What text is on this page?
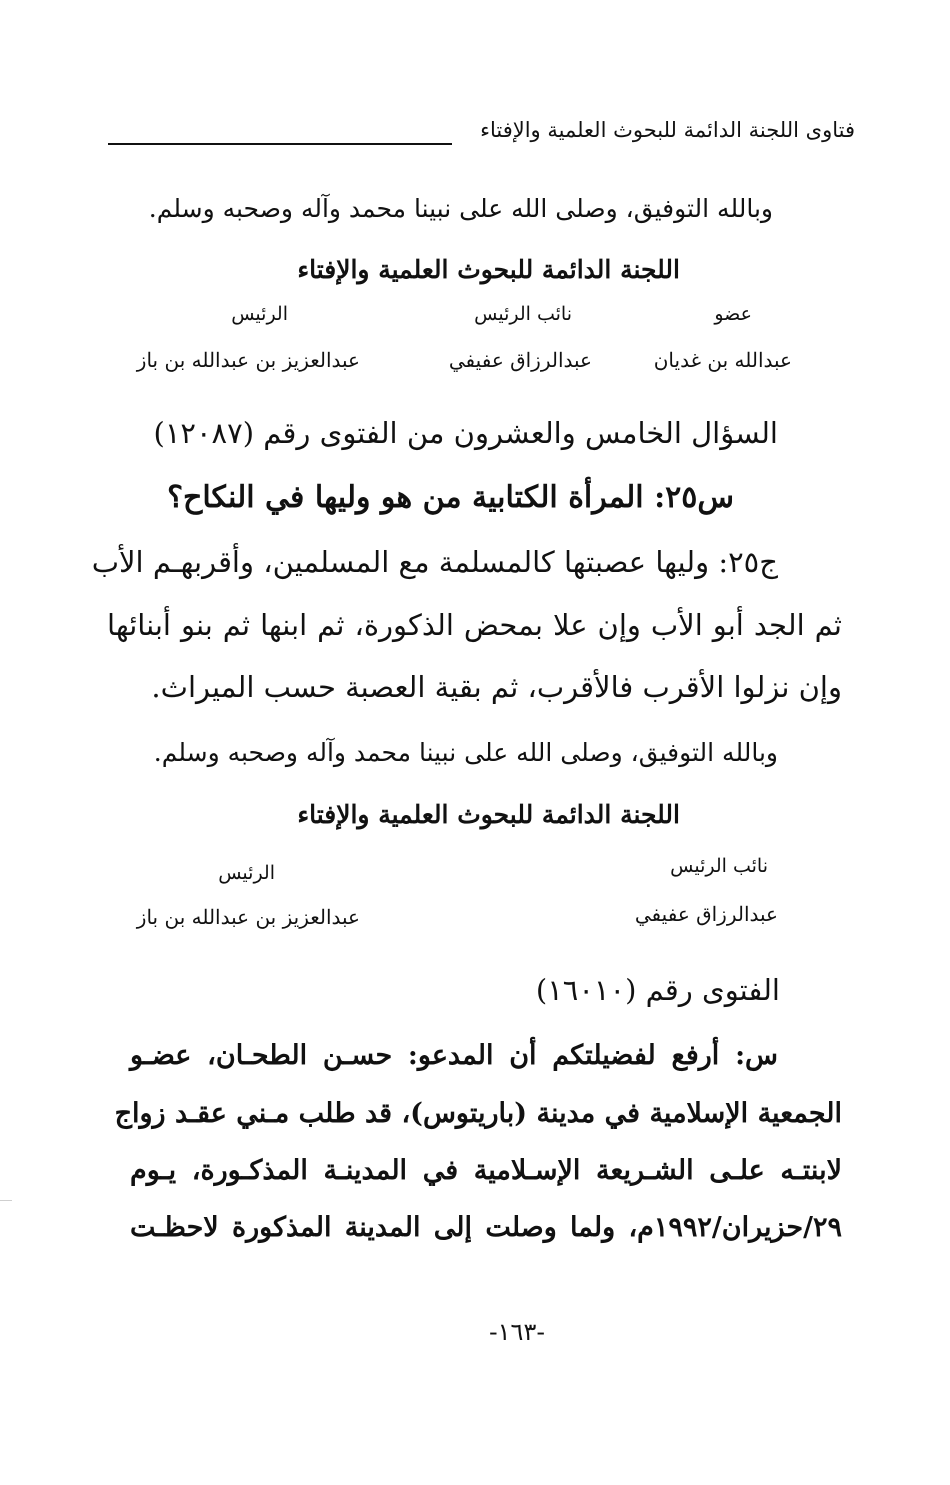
فتاوى اللجنة الدائمة للبحوث العلمية والإفتاء
وبالله التوفيق، وصلى الله على نبينا محمد وآله وصحبه وسلم.
اللجنة الدائمة للبحوث العلمية والإفتاء
عضو
عبدالله بن غديان
نائب الرئيس
عبدالرزاق عفيفي
الرئيس
عبدالعزيز بن عبدالله بن باز
السؤال الخامس والعشرون من الفتوى رقم (١٢٠٨٧)
س٢٥: المرأة الكتابية من هو وليها في النكاح؟
ج٢٥: وليها عصبتها كالمسلمة مع المسلمين، وأقربهـم الأب
ثم الجد أبو الأب وإن علا بمحض الذكورة، ثم ابنها ثم بنو أبنائها
وإن نزلوا الأقرب فالأقرب، ثم بقية العصبة حسب الميراث.
وبالله التوفيق، وصلى الله على نبينا محمد وآله وصحبه وسلم.
اللجنة الدائمة للبحوث العلمية والإفتاء
نائب الرئيس
عبدالرزاق عفيفي
الرئيس
عبدالعزيز بن عبدالله بن باز
الفتوى رقم (١٦٠١٠)
س: أرفع لفضيلتكم أن المدعو: حسـن الطحـان، عضـو
الجمعية الإسلامية في مدينة (باريتوس)، قد طلب مـني عقـد زواج
لابنتـه علـى الشـريعة الإسـلامية في المدينـة المذكـورة، يـوم
٢٩/حزيران/١٩٩٢م، ولما وصلت إلى المدينة المذكورة لاحظـت
-١٦٣-
